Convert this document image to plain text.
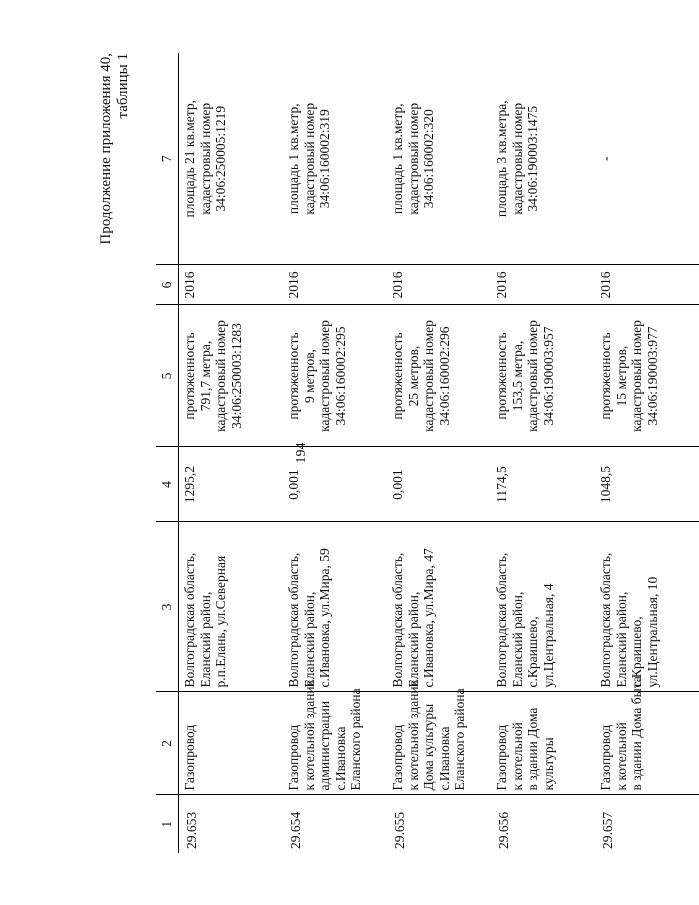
194
Продолжение приложения 40, таблицы 1
1	2	3	4	5	6	7
29.653	Газопровод	Волгоградская область, Еланский район, р.п.Елань, ул.Северная	1295,2	протяженность 791,7 метра, кадастровый номер 34:06:250003:1283	2016	площадь 21 кв.метр, кадастровый номер 34:06:250005:1219

29.654	Газопровод к котельной здания администрации с.Ивановка Еланского района	Волгоградская область, Еланский район, с.Ивановка, ул.Мира, 59	0,001	протяженность 9 метров, кадастровый номер 34:06:160002:295	2016	площадь 1 кв.метр, кадастровый номер 34:06:160002:319

29.655	Газопровод к котельной здания Дома культуры с.Ивановка Еланского района	Волгоградская область, Еланский район, с.Ивановка, ул.Мира, 47	0,001	протяженность 25 метров, кадастровый номер 34:06:160002:296	2016	площадь 1 кв.метр, кадастровый номер 34:06:160002:320

29.656	Газопровод к котельной в здании Дома культуры	Волгоградская область, Еланский район, с.Краишево, ул.Центральная, 4	1174,5	протяженность 153,5 метра, кадастровый номер 34:06:190003:957	2016	площадь 3 кв.метра, кадастровый номер 34:06:190003:1475

29.657	Газопровод к котельной в здании Дома быта	Волгоградская область, Еланский район, с.Краишево, ул.Центральная, 10	1048,5	протяженность 15 метров, кадастровый номер 34:06:190003:977	2016	-
